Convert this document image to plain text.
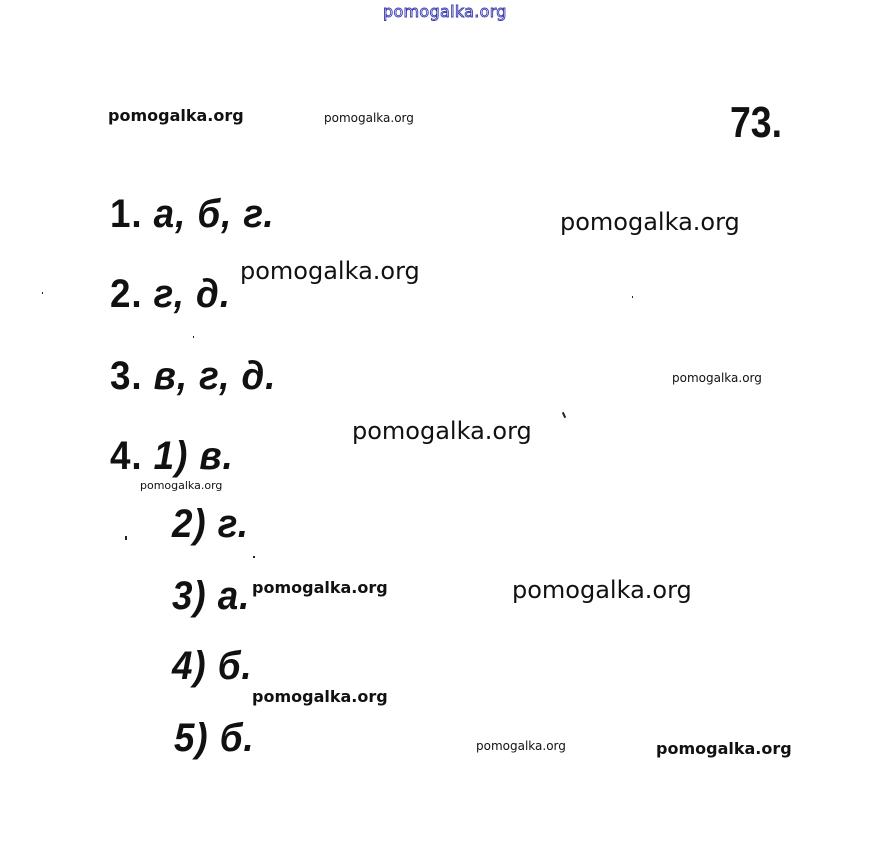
pomogalka.org
pomogalka.org	pomogalka.org	73.
1. а, б, г.
2. г, д.
3. в, г, д.
4. 1) в.
2) г.
3) а.
4) б.
5) б.
pomogalka.org
pomogalka.org
pomogalka.org
pomogalka.org
pomogalka.org
pomogalka.org	pomogalka.org
pomogalka.org
pomogalka.org	pomogalka.org
